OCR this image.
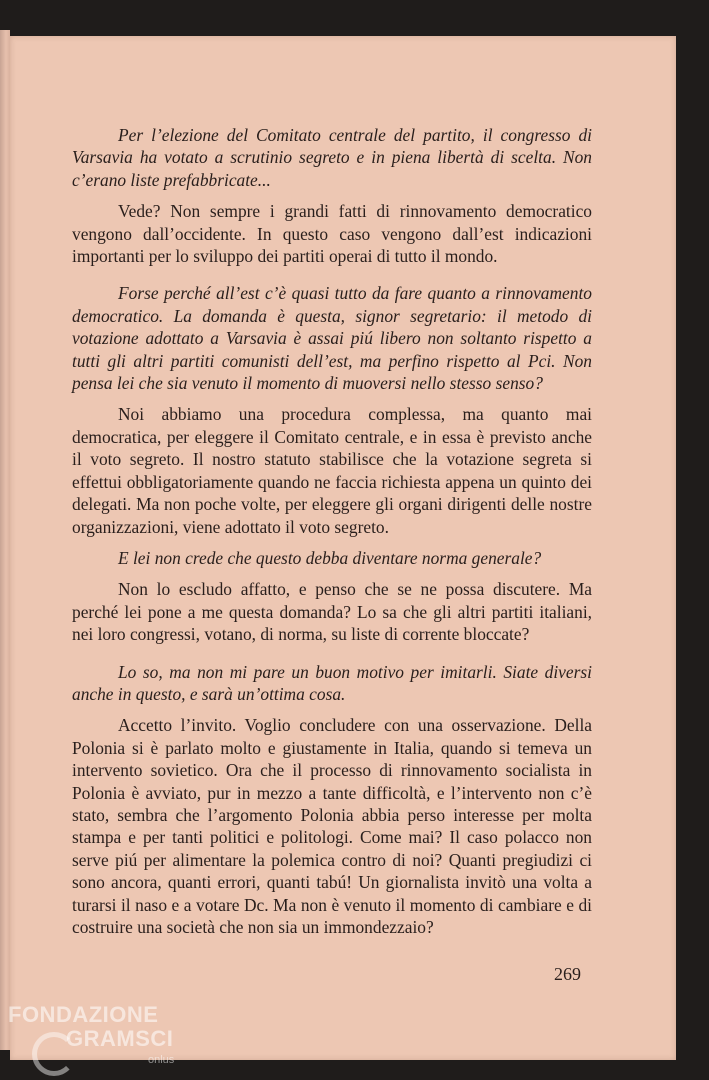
Per l’elezione del Comitato centrale del partito, il congresso di Varsavia ha votato a scrutinio segreto e in piena libertà di scelta. Non c’erano liste prefabbricate...

Vede? Non sempre i grandi fatti di rinnovamento democratico vengono dall’occidente. In questo caso vengono dall’est indicazioni importanti per lo sviluppo dei partiti operai di tutto il mondo.

Forse perché all’est c’è quasi tutto da fare quanto a rinnovamento democratico. La domanda è questa, signor segretario: il metodo di votazione adottato a Varsavia è assai piú libero non soltanto rispetto a tutti gli altri partiti comunisti dell’est, ma perfino rispetto al Pci. Non pensa lei che sia venuto il momento di muoversi nello stesso senso?

Noi abbiamo una procedura complessa, ma quanto mai democratica, per eleggere il Comitato centrale, e in essa è previsto anche il voto segreto. Il nostro statuto stabilisce che la votazione segreta si effettui obbligatoriamente quando ne faccia richiesta appena un quinto dei delegati. Ma non poche volte, per eleggere gli organi dirigenti delle nostre organizzazioni, viene adottato il voto segreto.

E lei non crede che questo debba diventare norma generale?

Non lo escludo affatto, e penso che se ne possa discutere. Ma perché lei pone a me questa domanda? Lo sa che gli altri partiti italiani, nei loro congressi, votano, di norma, su liste di corrente bloccate?

Lo so, ma non mi pare un buon motivo per imitarli. Siate diversi anche in questo, e sarà un’ottima cosa.

Accetto l’invito. Voglio concludere con una osservazione. Della Polonia si è parlato molto e giustamente in Italia, quando si temeva un intervento sovietico. Ora che il processo di rinnovamento socialista in Polonia è avviato, pur in mezzo a tante difficoltà, e l’intervento non c’è stato, sembra che l’argomento Polonia abbia perso interesse per molta stampa e per tanti politici e politologi. Come mai? Il caso polacco non serve piú per alimentare la polemica contro di noi? Quanti pregiudizi ci sono ancora, quanti errori, quanti tabú! Un giornalista invitò una volta a turarsi il naso e a votare Dc. Ma non è venuto il momento di cambiare e di costruire una società che non sia un immondezzaio?

269
FONDAZIONE
GRAMSCI
onlus
